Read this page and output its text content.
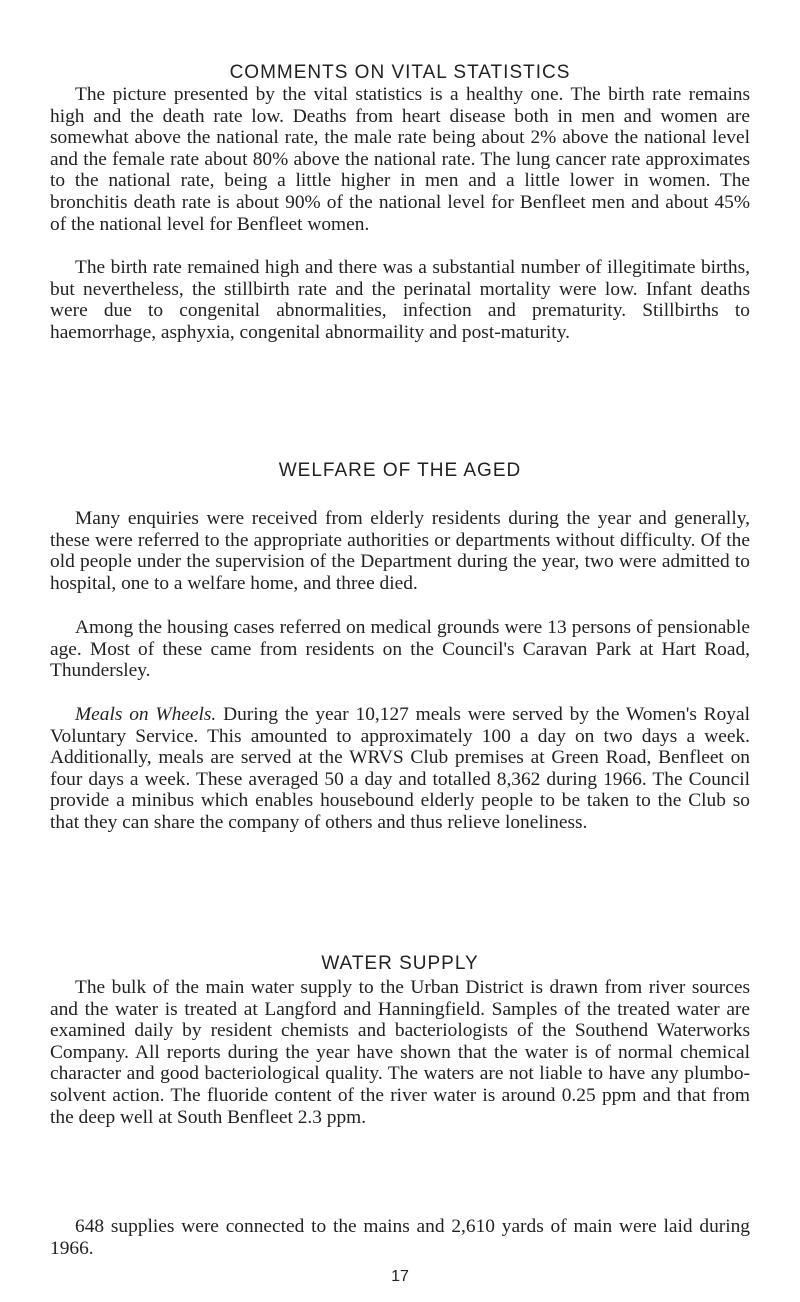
COMMENTS ON VITAL STATISTICS

The picture presented by the vital statistics is a healthy one. The birth rate remains high and the death rate low. Deaths from heart disease both in men and women are somewhat above the national rate, the male rate being about 2% above the national level and the female rate about 80% above the national rate. The lung cancer rate approximates to the national rate, being a little higher in men and a little lower in women. The bronchitis death rate is about 90% of the national level for Benfleet men and about 45% of the national level for Benfleet women.

The birth rate remained high and there was a substantial number of illegitimate births, but nevertheless, the stillbirth rate and the perinatal mortality were low. Infant deaths were due to congenital abnormalities, infection and prematurity. Stillbirths to haemorrhage, asphyxia, congenital abnormaility and post-maturity.

WELFARE OF THE AGED

Many enquiries were received from elderly residents during the year and generally, these were referred to the appropriate authorities or departments without difficulty. Of the old people under the supervision of the Department during the year, two were admitted to hospital, one to a welfare home, and three died.

Among the housing cases referred on medical grounds were 13 persons of pensionable age. Most of these came from residents on the Council's Caravan Park at Hart Road, Thundersley.

Meals on Wheels. During the year 10,127 meals were served by the Women's Royal Voluntary Service. This amounted to approximately 100 a day on two days a week. Additionally, meals are served at the WRVS Club premises at Green Road, Benfleet on four days a week. These averaged 50 a day and totalled 8,362 during 1966. The Council provide a minibus which enables housebound elderly people to be taken to the Club so that they can share the company of others and thus relieve loneliness.

WATER SUPPLY

The bulk of the main water supply to the Urban District is drawn from river sources and the water is treated at Langford and Hanningfield. Samples of the treated water are examined daily by resident chemists and bacteriologists of the Southend Waterworks Company. All reports during the year have shown that the water is of normal chemical character and good bacteriological quality. The waters are not liable to have any plumbo-solvent action. The fluoride content of the river water is around 0.25 ppm and that from the deep well at South Benfleet 2.3 ppm.

648 supplies were connected to the mains and 2,610 yards of main were laid during 1966.

17
